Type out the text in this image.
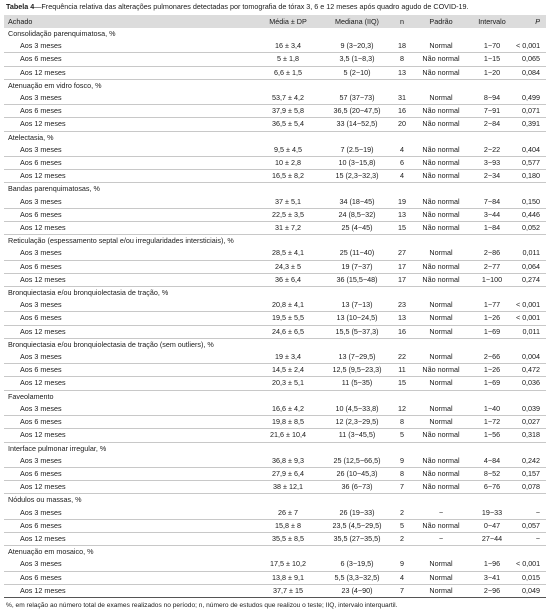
Tabela 4—Frequência relativa das alterações pulmonares detectadas por tomografia de tórax 3, 6 e 12 meses após quadro agudo de COVID-19.
Achado	Média ± DP	Mediana (IIQ)	n	Padrão	Intervalo	P
Consolidação parenquimatosa, %						
Aos 3 meses	16 ± 3,4	9 (3−20,3)	18	Normal	1−70	< 0,001
Aos 6 meses	5 ± 1,8	3,5 (1−8,3)	8	Não normal	1−15	0,065
Aos 12 meses	6,6 ± 1,5	5 (2−10)	13	Não normal	1−20	0,084
Atenuação em vidro fosco, %						
Aos 3 meses	53,7 ± 4,2	57 (37−73)	31	Normal	8−94	0,499
Aos 6 meses	37,9 ± 5,8	36,5 (20−47,5)	16	Não normal	7−91	0,071
Aos 12 meses	36,5 ± 5,4	33 (14−52,5)	20	Não normal	2−84	0,391
Atelectasia, %						
Aos 3 meses	9,5 ± 4,5	7 (2.5−19)	4	Não normal	2−22	0,404
Aos 6 meses	10 ± 2,8	10 (3−15,8)	6	Não normal	3−93	0,577
Aos 12 meses	16,5 ± 8,2	15 (2,3−32,3)	4	Não normal	2−34	0,180
Bandas parenquimatosas, %						
Aos 3 meses	37 ± 5,1	34 (18−45)	19	Não normal	7−84	0,150
Aos 6 meses	22,5 ± 3,5	24 (8,5−32)	13	Não normal	3−44	0,446
Aos 12 meses	31 ± 7,2	25 (4−45)	15	Não normal	1−84	0,052
Reticulação (espessamento septal e/ou irregularidades intersticiais), %						
Aos 3 meses	28,5 ± 4,1	25 (11−40)	27	Normal	2−86	0,011
Aos 6 meses	24,3 ± 5	19 (7−37)	17	Não normal	2−77	0,064
Aos 12 meses	36 ± 6,4	36 (15,5−48)	17	Não normal	1−100	0,274
Bronquiectasia e/ou bronquiolectasia de tração, %						
Aos 3 meses	20,8 ± 4,1	13 (7−13)	23	Normal	1−77	< 0,001
Aos 6 meses	19,5 ± 5,5	13 (10−24,5)	13	Normal	1−26	< 0,001
Aos 12 meses	24,6 ± 6,5	15,5 (5−37,3)	16	Normal	1−69	0,011
Bronquiectasia e/ou bronquiolectasia de tração (sem outliers), %						
Aos 3 meses	19 ± 3,4	13 (7−29,5)	22	Normal	2−66	0,004
Aos 6 meses	14,5 ± 2,4	12,5 (9,5−23,3)	11	Não normal	1−26	0,472
Aos 12 meses	20,3 ± 5,1	11 (5−35)	15	Normal	1−69	0,036
Faveolamento						
Aos 3 meses	16,6 ± 4,2	10 (4,5−33,8)	12	Normal	1−40	0,039
Aos 6 meses	19,8 ± 8,5	12 (2,3−29,5)	8	Normal	1−72	0,027
Aos 12 meses	21,6 ± 10,4	11 (3−45,5)	5	Não normal	1−56	0,318
Interface pulmonar irregular, %						
Aos 3 meses	36,8 ± 9,3	25 (12,5−66,5)	9	Não normal	4−84	0,242
Aos 6 meses	27,9 ± 6,4	26 (10−45,3)	8	Não normal	8−52	0,157
Aos 12 meses	38 ± 12,1	36 (6−73)	7	Não normal	6−76	0,078
Nódulos ou massas, %						
Aos 3 meses	26 ± 7	26 (19−33)	2	−	19−33	−
Aos 6 meses	15,8 ± 8	23,5 (4,5−29,5)	5	Não normal	0−47	0,057
Aos 12 meses	35,5 ± 8,5	35,5 (27−35,5)	2	−	27−44	−
Atenuação em mosaico, %						
Aos 3 meses	17,5 ± 10,2	6 (3−19,5)	9	Normal	1−96	< 0,001
Aos 6 meses	13,8 ± 9,1	5,5 (3,3−32,5)	4	Normal	3−41	0,015
Aos 12 meses	37,7 ± 15	23 (4−90)	7	Normal	2−96	0,049
%, em relação ao número total de exames realizados no período; n, número de estudos que realizou o teste; IIQ, intervalo interquartil.
